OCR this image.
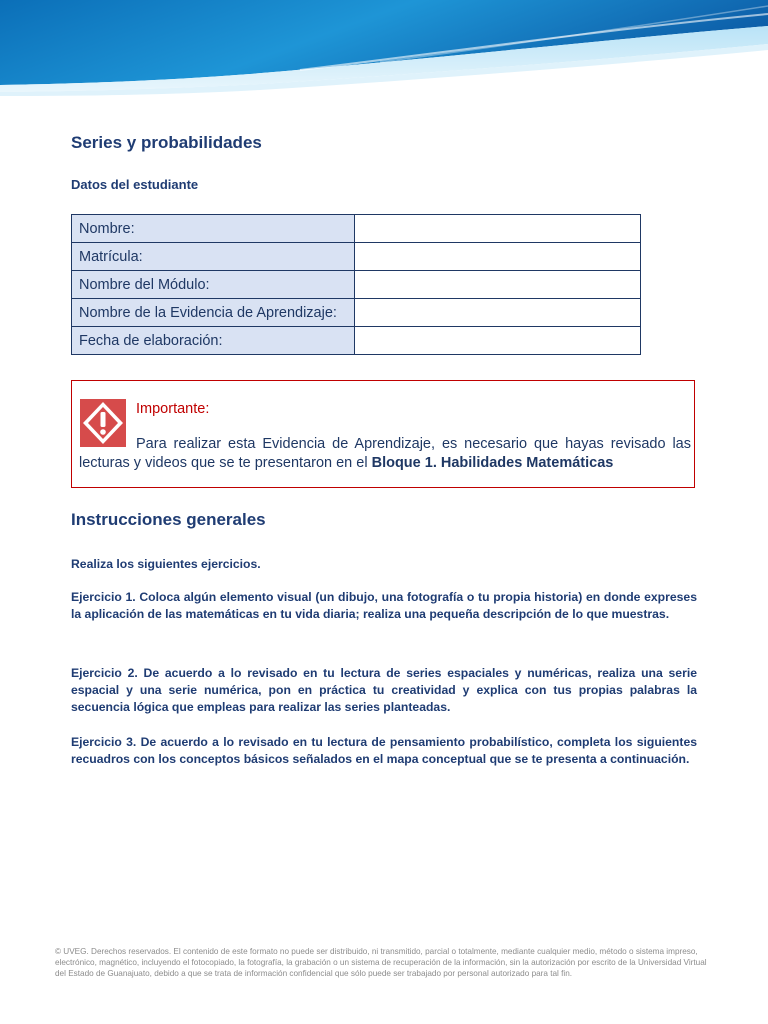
Series y probabilidades
Datos del estudiante
Nombre:	
Matrícula:	
Nombre del Módulo:	
Nombre de la Evidencia de Aprendizaje:	
Fecha de elaboración:	
Importante:
Para realizar esta Evidencia de Aprendizaje, es necesario que hayas revisado las lecturas y videos que se te presentaron en el Bloque 1. Habilidades Matemáticas
Instrucciones generales

Realiza los siguientes ejercicios.

Ejercicio 1. Coloca algún elemento visual (un dibujo, una fotografía o tu propia historia) en donde expreses la aplicación de las matemáticas en tu vida diaria; realiza una pequeña descripción de lo que muestras.

Ejercicio 2. De acuerdo a lo revisado en tu lectura de series espaciales y numéricas, realiza una serie espacial y una serie numérica, pon en práctica tu creatividad y explica con tus propias palabras la secuencia lógica que empleas para realizar las series planteadas.

Ejercicio 3. De acuerdo a lo revisado en tu lectura de pensamiento probabilístico, completa los siguientes recuadros con los conceptos básicos señalados en el mapa conceptual que se te presenta a continuación.

© UVEG. Derechos reservados. El contenido de este formato no puede ser distribuido, ni transmitido, parcial o totalmente, mediante cualquier medio, método o sistema impreso, electrónico, magnético, incluyendo el fotocopiado, la fotografía, la grabación o un sistema de recuperación de la información, sin la autorización por escrito de la Universidad Virtual del Estado de Guanajuato, debido a que se trata de información confidencial que sólo puede ser trabajado por personal autorizado para tal fin.
